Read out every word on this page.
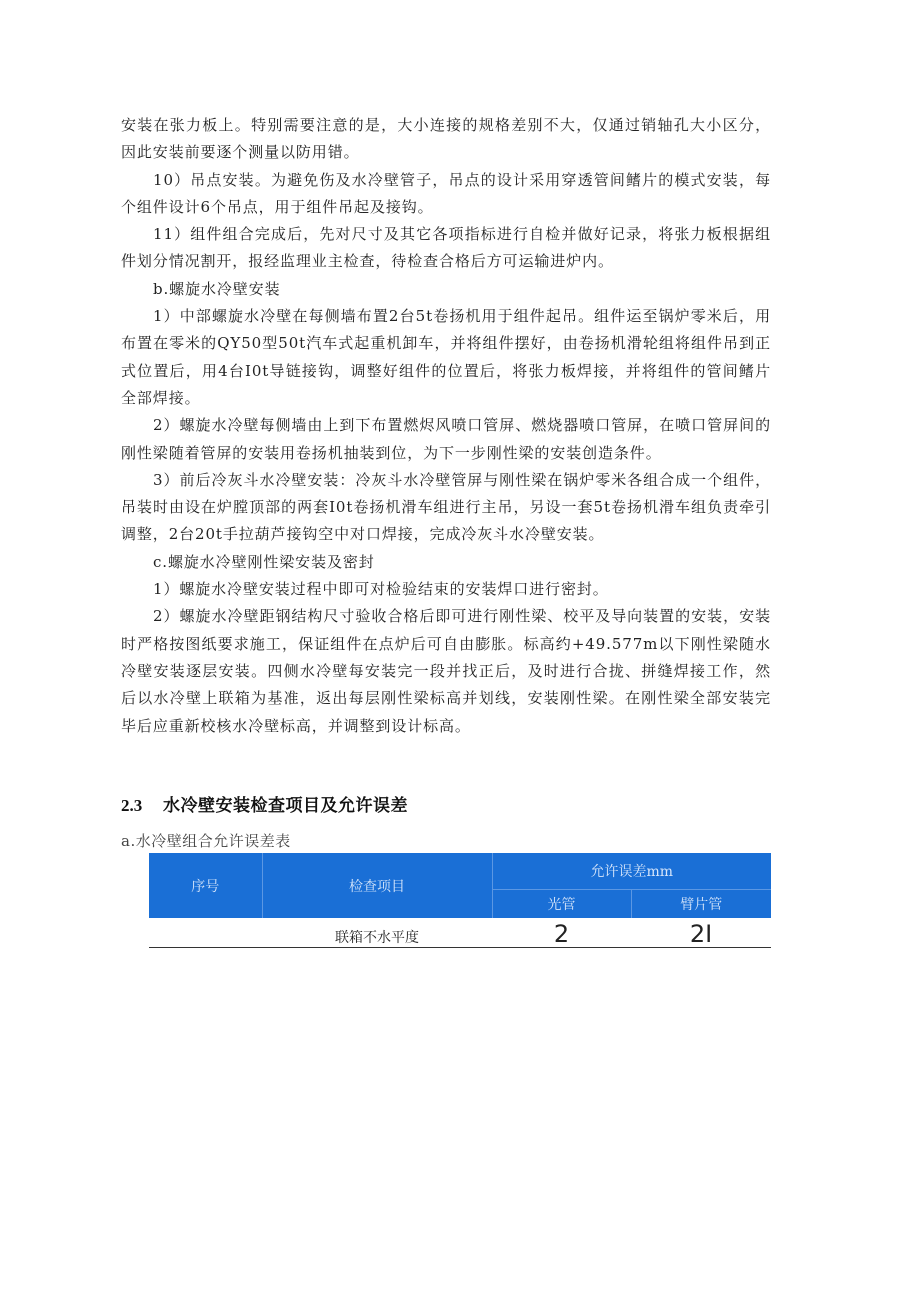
安装在张力板上。特别需要注意的是，大小连接的规格差别不大，仅通过销轴孔大小区分，因此安装前要逐个测量以防用错。

10）吊点安装。为避免伤及水冷壁管子，吊点的设计采用穿透管间鳍片的模式安装，每个组件设计6个吊点，用于组件吊起及接钩。

11）组件组合完成后，先对尺寸及其它各项指标进行自检并做好记录，将张力板根据组件划分情况割开，报经监理业主检查，待检查合格后方可运输进炉内。

b.螺旋水冷壁安装

1）中部螺旋水冷壁在每侧墙布置2台5t卷扬机用于组件起吊。组件运至锅炉零米后，用布置在零米的QY50型50t汽车式起重机卸车，并将组件摆好，由卷扬机滑轮组将组件吊到正式位置后，用4台I0t导链接钩，调整好组件的位置后，将张力板焊接，并将组件的管间鳍片全部焊接。

2）螺旋水冷壁每侧墙由上到下布置燃烬风喷口管屏、燃烧器喷口管屏，在喷口管屏间的刚性梁随着管屏的安装用卷扬机抽装到位，为下一步刚性梁的安装创造条件。

3）前后冷灰斗水冷壁安装：冷灰斗水冷壁管屏与刚性梁在锅炉零米各组合成一个组件，吊装时由设在炉膛顶部的两套I0t卷扬机滑车组进行主吊，另设一套5t卷扬机滑车组负责牵引调整，2台20t手拉葫芦接钩空中对口焊接，完成冷灰斗水冷壁安装。

c.螺旋水冷壁刚性梁安装及密封

1）螺旋水冷壁安装过程中即可对检验结束的安装焊口进行密封。

2）螺旋水冷壁距钢结构尺寸验收合格后即可进行刚性梁、校平及导向装置的安装，安装时严格按图纸要求施工，保证组件在点炉后可自由膨胀。标高约+49.577m以下刚性梁随水冷壁安装逐层安装。四侧水冷壁每安装完一段并找正后，及时进行合拢、拼缝焊接工作，然后以水冷壁上联箱为基准，返出每层刚性梁标高并划线，安装刚性梁。在刚性梁全部安装完毕后应重新校核水冷壁标高，并调整到设计标高。

2.3	水冷壁安装检查项目及允许误差
a.水冷壁组合允许误差表
序号	检查项目	允许误差mm	
		光管	臂片管
	联箱不水平度	2	2I
